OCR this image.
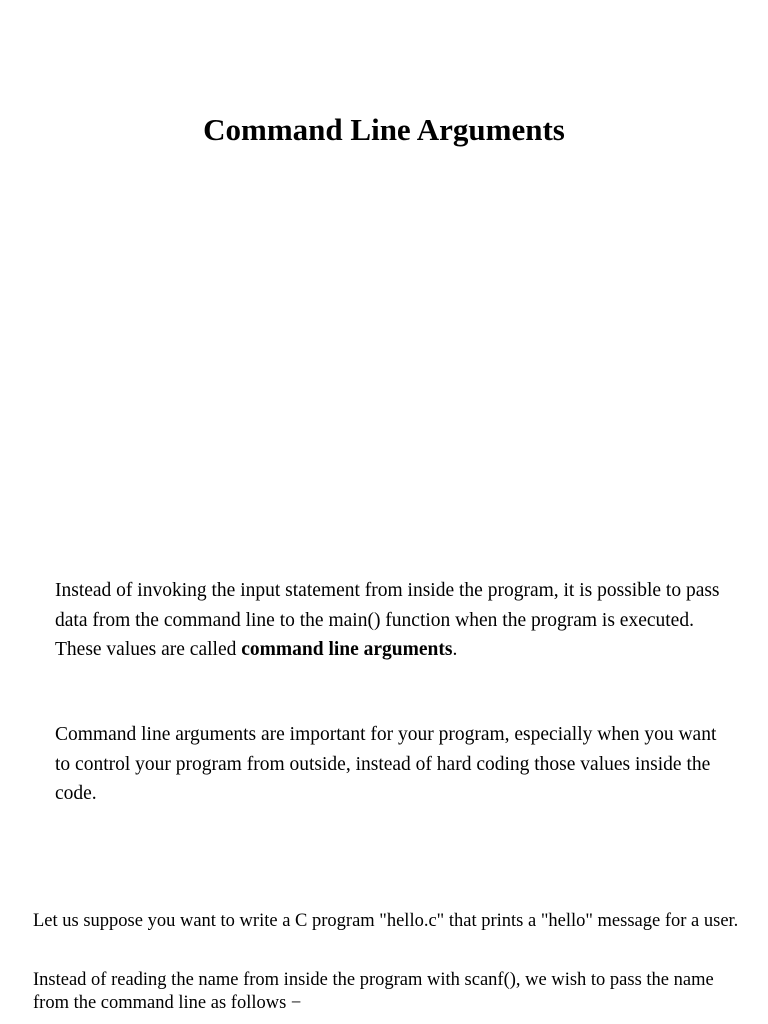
Command Line Arguments

Instead of invoking the input statement from inside the program, it is possible to pass data from the command line to the main() function when the program is executed. These values are called command line arguments.

Command line arguments are important for your program, especially when you want to control your program from outside, instead of hard coding those values inside the code.

Let us suppose you want to write a C program "hello.c" that prints a "hello" message for a user.

Instead of reading the name from inside the program with scanf(), we wish to pass the name from the command line as follows −
